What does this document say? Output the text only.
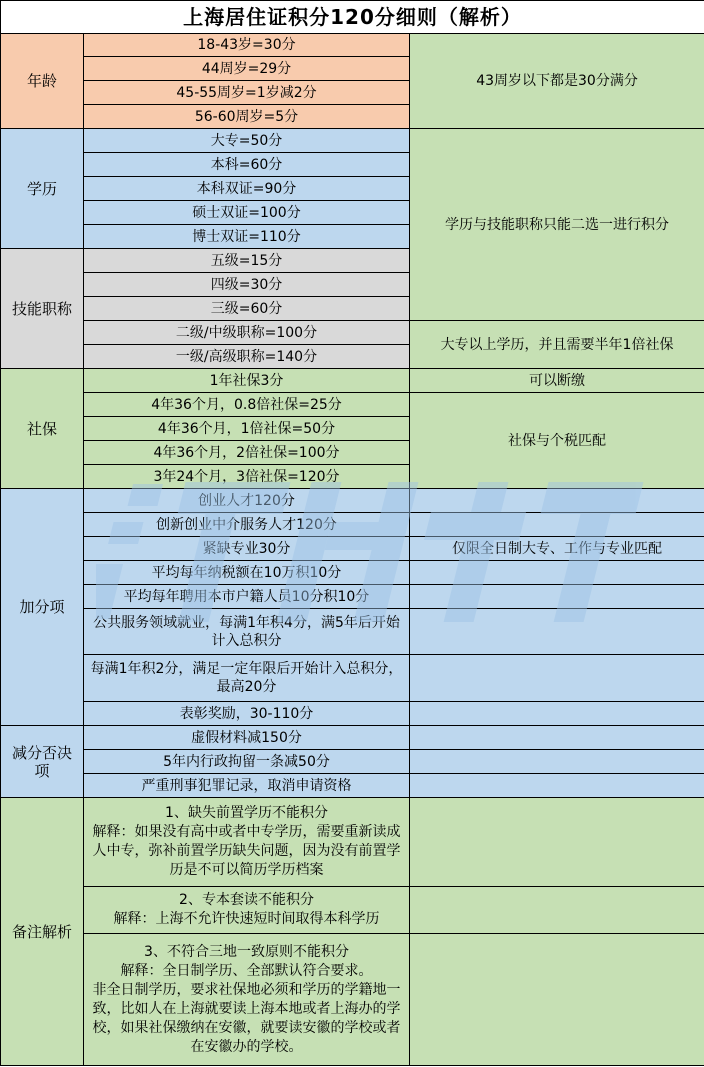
上海居住证积分120分细则（解析）		
年龄	18-43岁=30分	43周岁以下都是30分满分
	44周岁=29分	
	45-55周岁=1岁减2分	
	56-60周岁=5分	
学历	大专=50分	学历与技能职称只能二选一进行积分
	本科=60分	
	本科双证=90分	
	硕士双证=100分	
	博士双证=110分	
技能职称	五级=15分	
	四级=30分	
	三级=60分	
	二级/中级职称=100分	大专以上学历，并且需要半年1倍社保
	一级/高级职称=140分	
社保	1年社保3分	可以断缴
	4年36个月，0.8倍社保=25分	社保与个税匹配
	4年36个月，1倍社保=50分	
	4年36个月，2倍社保=100分	
	3年24个月，3倍社保=120分	
加分项	创业人才120分	
	创新创业中介服务人才120分	
	紧缺专业30分	仅限全日制大专、工作与专业匹配
	平均每年纳税额在10万积10分	
	平均每年聘用本市户籍人员10分积10分	
	公共服务领域就业，每满1年积4分，满5年后开始计入总积分	
	每满1年积2分，满足一定年限后开始计入总积分，最高20分	
	表彰奖励，30-110分	
减分否决项	虚假材料减150分	
	5年内行政拘留一条减50分	
	严重刑事犯罪记录，取消申请资格	
备注解析	1、缺失前置学历不能积分
解释：如果没有高中或者中专学历，需要重新读成人中专，弥补前置学历缺失问题，因为没有前置学历是不可以简历学历档案	

	2、专本套读不能积分
解释：上海不允许快速短时间取得本科学历	

	3、不符合三地一致原则不能积分
解释：全日制学历、全部默认符合要求。
非全日制学历，要求社保地必须和学历的学籍地一致，比如人在上海就要读上海本地或者上海办的学校，如果社保缴纳在安徽，就要读安徽的学校或者在安徽办的学校。	
